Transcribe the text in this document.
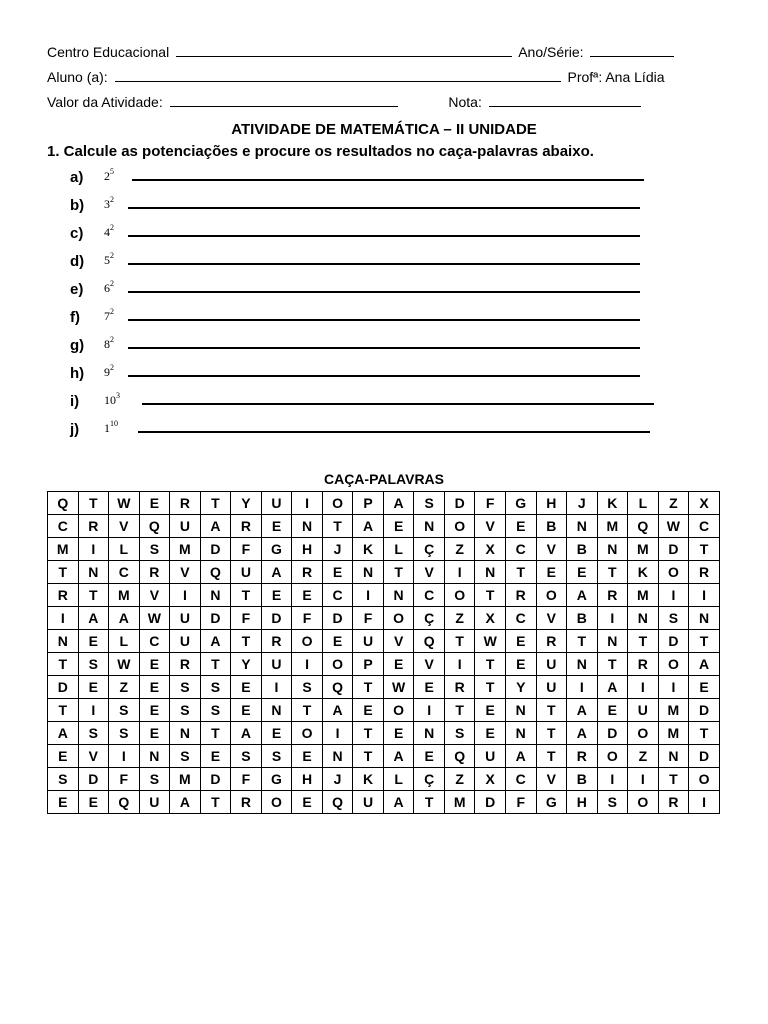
Centro Educacional	Ano/Série:
Aluno (a):	Profª: Ana Lídia
Valor da Atividade:	Nota:
ATIVIDADE DE MATEMÁTICA – II UNIDADE
1. Calcule as potenciações e procure os resultados no caça-palavras abaixo.
a)	$2^5$
b)	$3^2$
c)	$4^2$
d)	$5^2$
e)	$6^2$
f)	$7^2$
g)	$8^2$
h)	$9^2$
i)	$10^3$
j)	$1^{10}$
CAÇA-PALAVRAS
Q	T	W	E	R	T	Y	U	I	O	P	A	S	D	F	G	H	J	K	L	Z	X
C	R	V	Q	U	A	R	E	N	T	A	E	N	O	V	E	B	N	M	Q	W	C
M	I	L	S	M	D	F	G	H	J	K	L	Ç	Z	X	C	V	B	N	M	D	T
T	N	C	R	V	Q	U	A	R	E	N	T	V	I	N	T	E	E	T	K	O	R
R	T	M	V	I	N	T	E	E	C	I	N	C	O	T	R	O	A	R	M	I	I
I	A	A	W	U	D	F	D	F	D	F	O	Ç	Z	X	C	V	B	I	N	S	N
N	E	L	C	U	A	T	R	O	E	U	V	Q	T	W	E	R	T	N	T	D	T
T	S	W	E	R	T	Y	U	I	O	P	E	V	I	T	E	U	N	T	R	O	A
D	E	Z	E	S	S	E	I	S	Q	T	W	E	R	T	Y	U	I	A	I	I	E
T	I	S	E	S	S	E	N	T	A	E	O	I	T	E	N	T	A	E	U	M	D
A	S	S	E	N	T	A	E	O	I	T	E	N	S	E	N	T	A	D	O	M	T
E	V	I	N	S	E	S	S	E	N	T	A	E	Q	U	A	T	R	O	Z	N	D
S	D	F	S	M	D	F	G	H	J	K	L	Ç	Z	X	C	V	B	I	I	T	O
E	E	Q	U	A	T	R	O	E	Q	U	A	T	M	D	F	G	H	S	O	R	I
